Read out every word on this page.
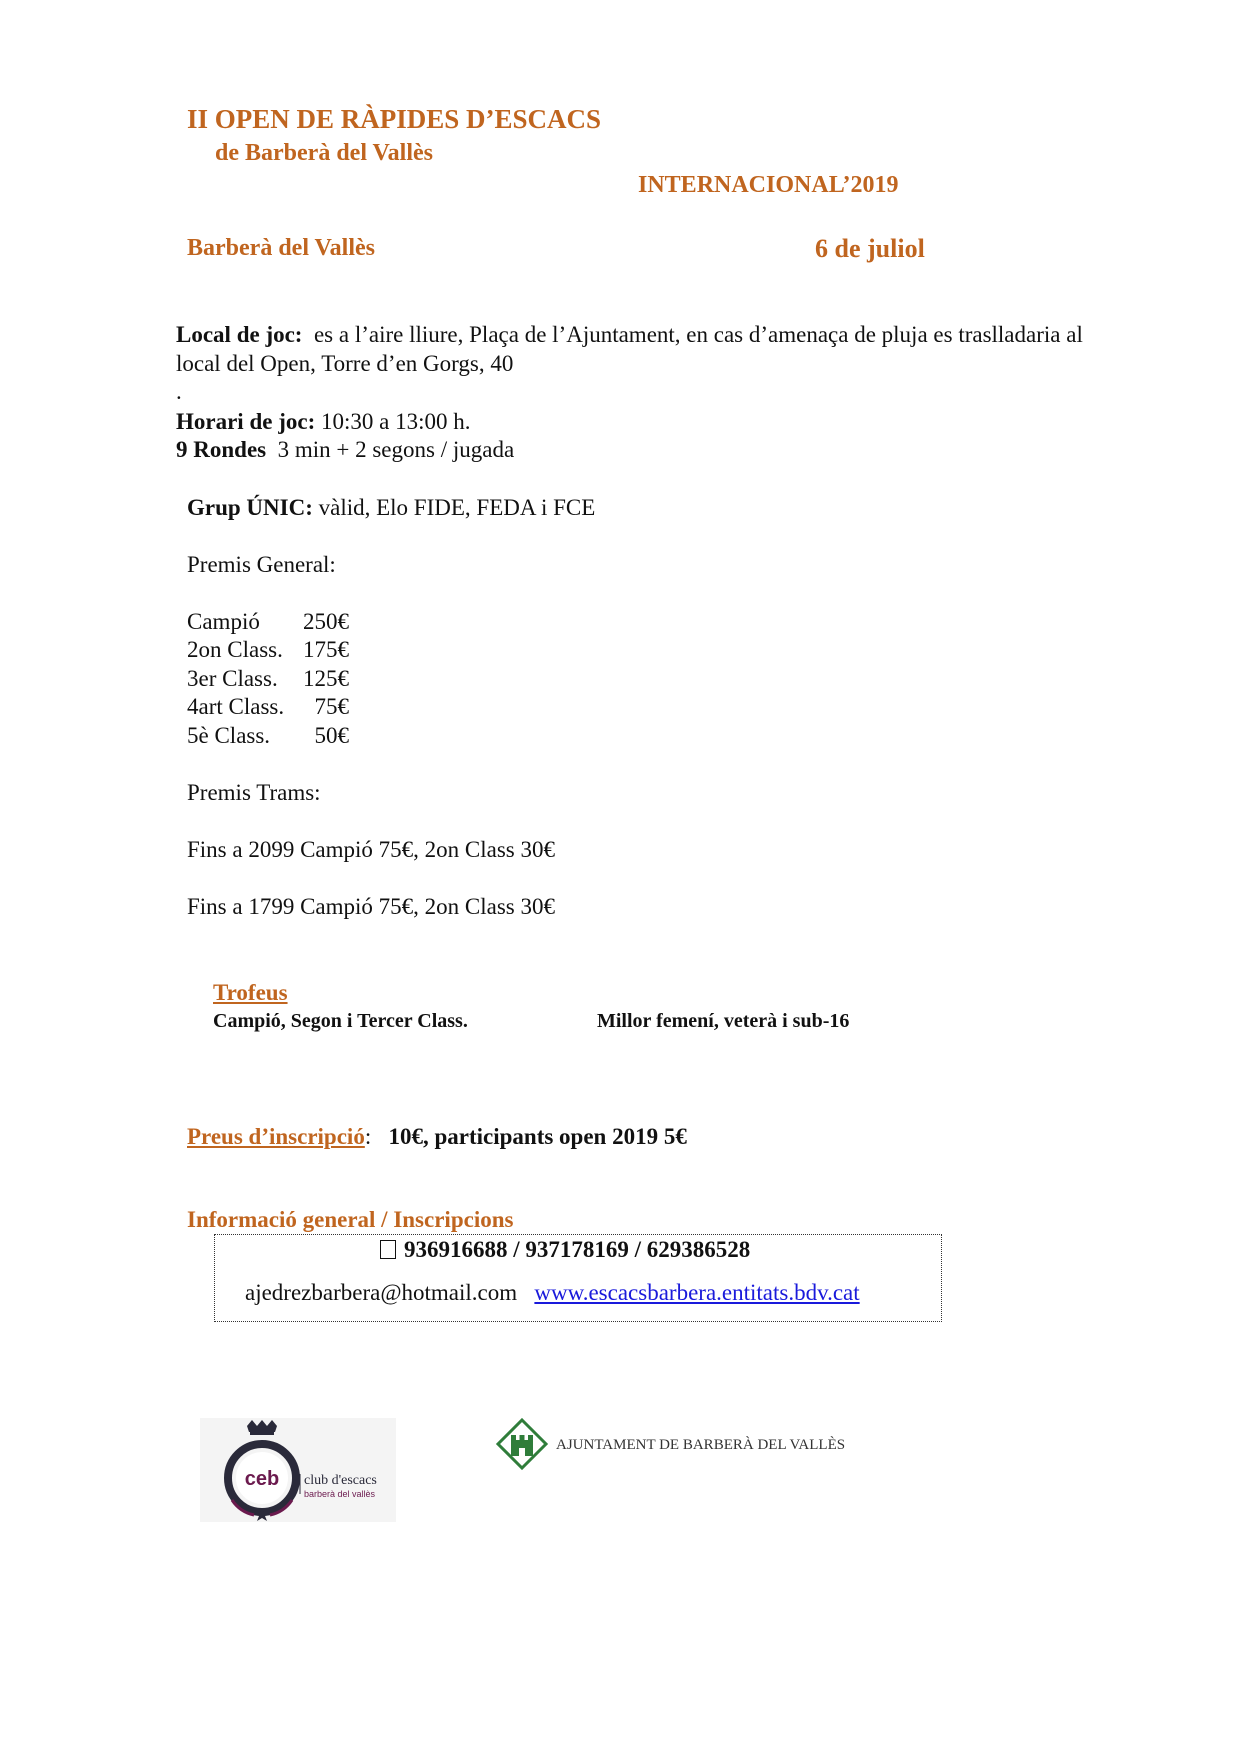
II OPEN DE RÀPIDES D’ESCACS
de Barberà del Vallès
INTERNACIONAL’2019
Barberà del Vallès	6 de juliol
Local de joc: es a l’aire lliure, Plaça de l’Ajuntament, en cas d’amenaça de pluja es traslladaria al
local del Open, Torre d’en Gorgs, 40
.
Horari de joc: 10:30 a 13:00 h.
9 Rondes 3 min + 2 segons / jugada
Grup ÚNIC: vàlid, Elo FIDE, FEDA i FCE
Premis General:
Campió 250€
2on Class. 175€
3er Class. 125€
4art Class. 75€
5è Class. 50€
Premis Trams:
Fins a 2099 Campió 75€, 2on Class 30€
Fins a 1799 Campió 75€, 2on Class 30€
Trofeus
Campió, Segon i Tercer Class.	Millor femení, veterà i sub-16
Preus d’inscripció: 10€, participants open 2019 5€
Informació general / Inscripcions
936916688 / 937178169 / 629386528
ajedrezbarbera@hotmail.com www.escacsbarbera.entitats.bdv.cat
ceb club d'escacs
barberà del vallès
AJUNTAMENT DE BARBERÀ DEL VALLÈS
